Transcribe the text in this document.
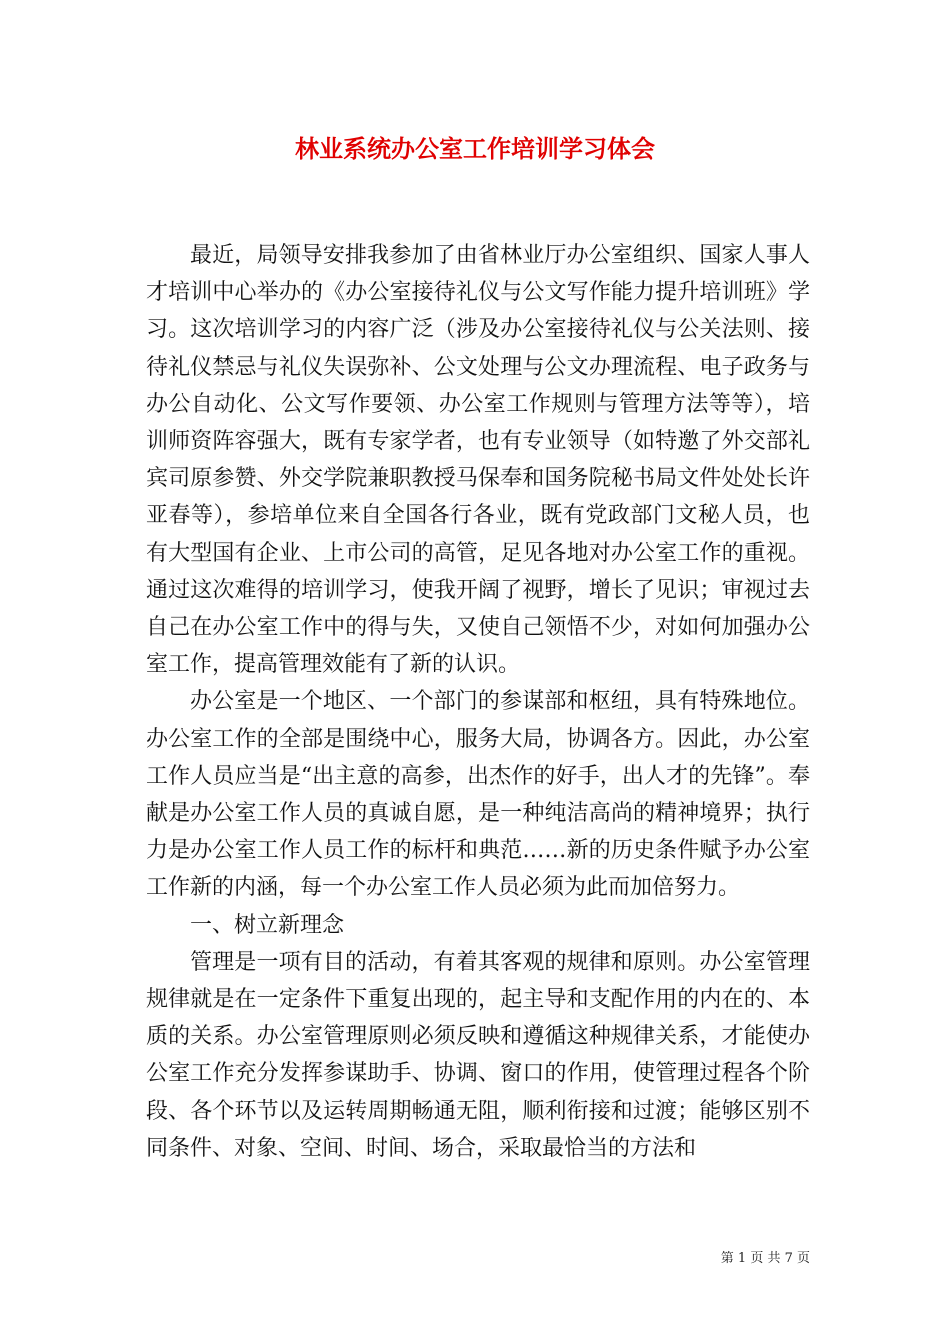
林业系统办公室工作培训学习体会

最近，局领导安排我参加了由省林业厅办公室组织、国家人事人才培训中心举办的《办公室接待礼仪与公文写作能力提升培训班》学习。这次培训学习的内容广泛（涉及办公室接待礼仪与公关法则、接待礼仪禁忌与礼仪失误弥补、公文处理与公文办理流程、电子政务与办公自动化、公文写作要领、办公室工作规则与管理方法等等），培训师资阵容强大，既有专家学者，也有专业领导（如特邀了外交部礼宾司原参赞、外交学院兼职教授马保奉和国务院秘书局文件处处长许亚春等），参培单位来自全国各行各业，既有党政部门文秘人员，也有大型国有企业、上市公司的高管，足见各地对办公室工作的重视。通过这次难得的培训学习，使我开阔了视野，增长了见识；审视过去自己在办公室工作中的得与失，又使自己领悟不少，对如何加强办公室工作，提高管理效能有了新的认识。

办公室是一个地区、一个部门的参谋部和枢纽，具有特殊地位。办公室工作的全部是围绕中心，服务大局，协调各方。因此，办公室工作人员应当是“出主意的高参，出杰作的好手，出人才的先锋”。奉献是办公室工作人员的真诚自愿，是一种纯洁高尚的精神境界；执行力是办公室工作人员工作的标杆和典范……新的历史条件赋予办公室工作新的内涵，每一个办公室工作人员必须为此而加倍努力。

一、树立新理念

管理是一项有目的活动，有着其客观的规律和原则。办公室管理规律就是在一定条件下重复出现的，起主导和支配作用的内在的、本质的关系。办公室管理原则必须反映和遵循这种规律关系，才能使办公室工作充分发挥参谋助手、协调、窗口的作用，使管理过程各个阶段、各个环节以及运转周期畅通无阻，顺利衔接和过渡；能够区别不同条件、对象、空间、时间、场合，采取最恰当的方法和

第 1 页 共 7 页
